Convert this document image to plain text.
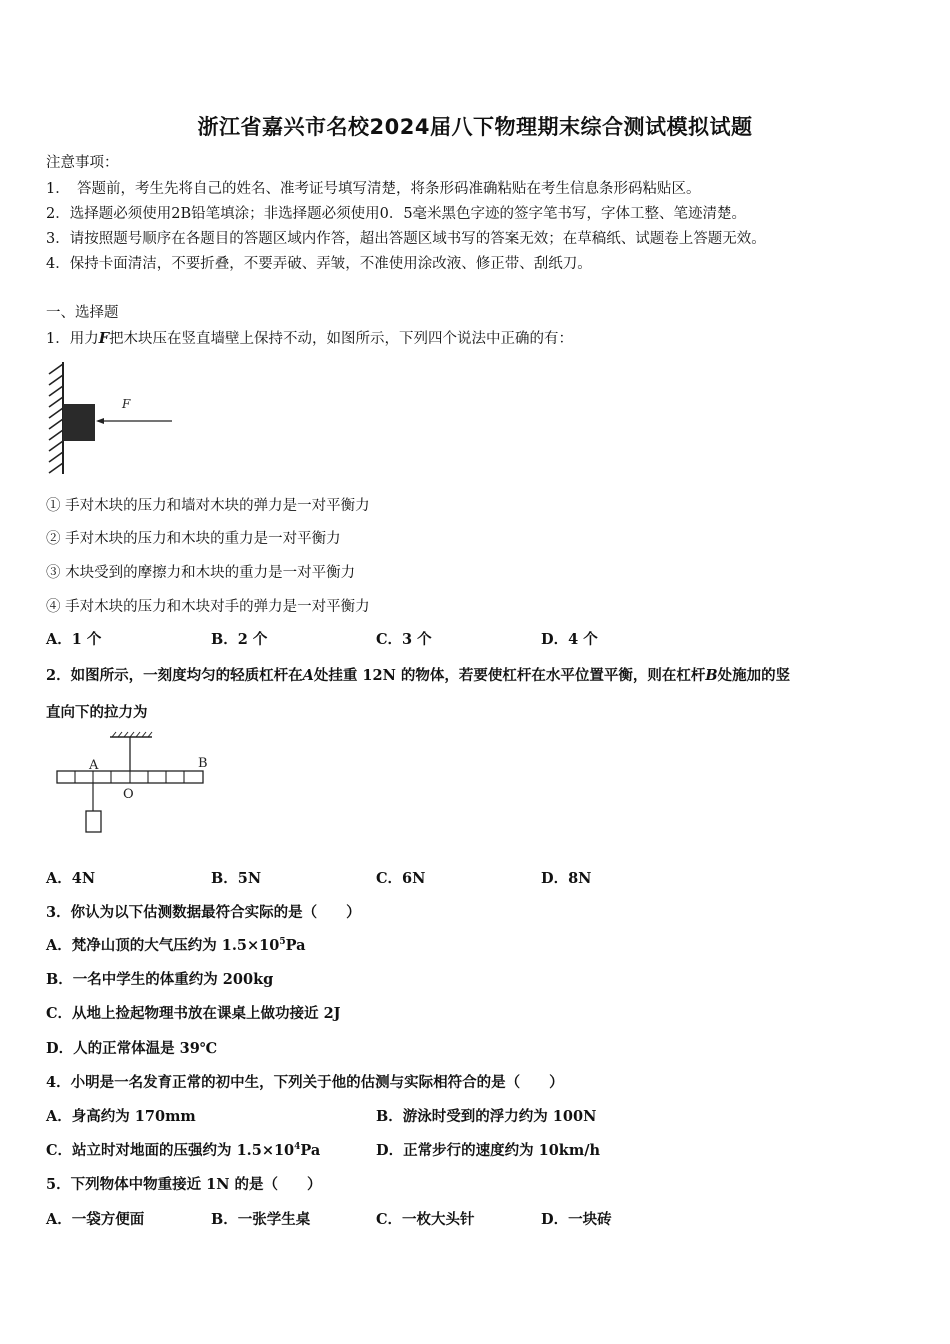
浙江省嘉兴市名校2024届八下物理期末综合测试模拟试题
注意事项：
1．　答题前，考生先将自己的姓名、准考证号填写清楚，将条形码准确粘贴在考生信息条形码粘贴区。
2．选择题必须使用2B铅笔填涂；非选择题必须使用0．5毫米黑色字迹的签字笔书写，字体工整、笔迹清楚。
3．请按照题号顺序在各题目的答题区域内作答，超出答题区域书写的答案无效；在草稿纸、试题卷上答题无效。
4．保持卡面清洁，不要折叠，不要弄破、弄皱，不准使用涂改液、修正带、刮纸刀。
一、选择题
1．用力F把木块压在竖直墙壁上保持不动，如图所示，下列四个说法中正确的有：
F
① 手对木块的压力和墙对木块的弹力是一对平衡力
② 手对木块的压力和木块的重力是一对平衡力
③ 木块受到的摩擦力和木块的重力是一对平衡力
④ 手对木块的压力和木块对手的弹力是一对平衡力
A．1 个	B．2 个	C．3 个	D．4 个
2．如图所示，一刻度均匀的轻质杠杆在A处挂重 12N 的物体，若要使杠杆在水平位置平衡，则在杠杆B处施加的竖
直向下的拉力为
A	B
O
A．4N	B．5N	C．6N	D．8N
3．你认为以下估测数据最符合实际的是（　　）
A．梵净山顶的大气压约为 $1.5\times 10^5Pa$
B．一名中学生的体重约为 200kg
C．从地上捡起物理书放在课桌上做功接近 2J
D．人的正常体温是 39℃
4．小明是一名发育正常的初中生，下列关于他的估测与实际相符合的是（　　）
A．身高约为 170mm	B．游泳时受到的浮力约为 100N
C．站立时对地面的压强约为 $1.5\times 10^4Pa$	D．正常步行的速度约为 10km/h
5．下列物体中物重接近 1N 的是（　　）
A．一袋方便面	B．一张学生桌	C．一枚大头针	D．一块砖
